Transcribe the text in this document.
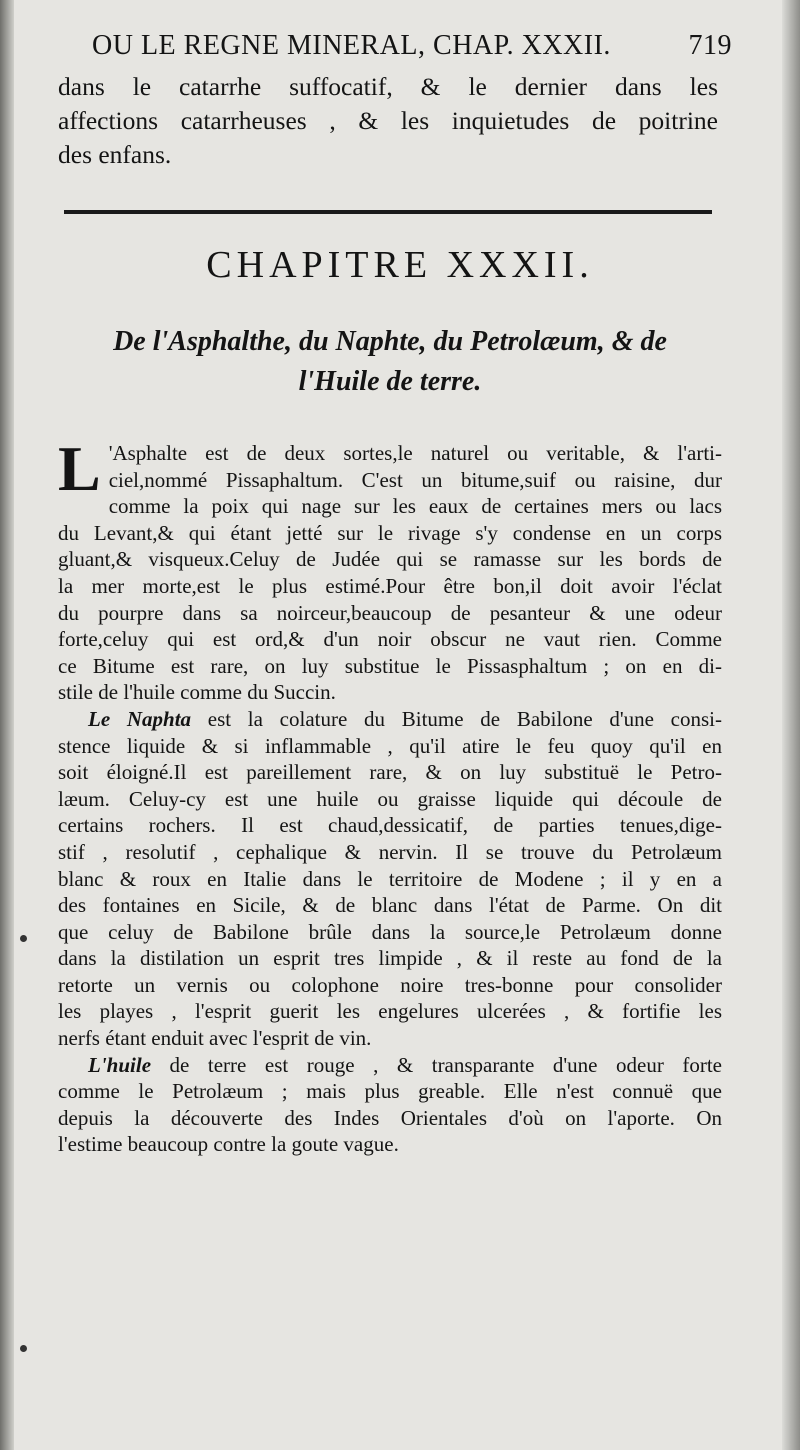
OU LE REGNE MINERAL, CHAP. XXXII.	719
dans le catarrhe suffocatif, & le dernier dans les
affections catarrheuses , & les inquietudes de poitrine
des enfans.
CHAPITRE XXXII.
De l'Asphalthe, du Naphte, du Petrolæum, & de
l'Huile de terre.
L 'Asphalte est de deux sortes,le naturel ou veritable, & l'arti-
ciel,nommé Pissaphaltum. C'est un bitume,suif ou raisine, dur
comme la poix qui nage sur les eaux de certaines mers ou lacs
du Levant,& qui étant jetté sur le rivage s'y condense en un corps
gluant,& visqueux.Celuy de Judée qui se ramasse sur les bords de
la mer morte,est le plus estimé.Pour être bon,il doit avoir l'éclat
du pourpre dans sa noirceur,beaucoup de pesanteur & une odeur
forte,celuy qui est ord,& d'un noir obscur ne vaut rien. Comme
ce Bitume est rare, on luy substitue le Pissasphaltum ; on en di-
stile de l'huile comme du Succin.
Le Naphta est la colature du Bitume de Babilone d'une consi-
stence liquide & si inflammable , qu'il atire le feu quoy qu'il en
soit éloigné.Il est pareillement rare, & on luy substituë le Petro-
læum. Celuy-cy est une huile ou graisse liquide qui découle de
certains rochers. Il est chaud,dessicatif, de parties tenues,dige-
stif , resolutif , cephalique & nervin. Il se trouve du Petrolæum
blanc & roux en Italie dans le territoire de Modene ; il y en a
des fontaines en Sicile, & de blanc dans l'état de Parme. On dit
que celuy de Babilone brûle dans la source,le Petrolæum donne
dans la distilation un esprit tres limpide , & il reste au fond de la
retorte un vernis ou colophone noire tres-bonne pour consolider
les playes , l'esprit guerit les engelures ulcerées , & fortifie les
nerfs étant enduit avec l'esprit de vin.
L'huile de terre est rouge , & transparante d'une odeur forte
comme le Petrolæum ; mais plus greable. Elle n'est connuë que
depuis la découverte des Indes Orientales d'où on l'aporte. On
l'estime beaucoup contre la goute vague.
